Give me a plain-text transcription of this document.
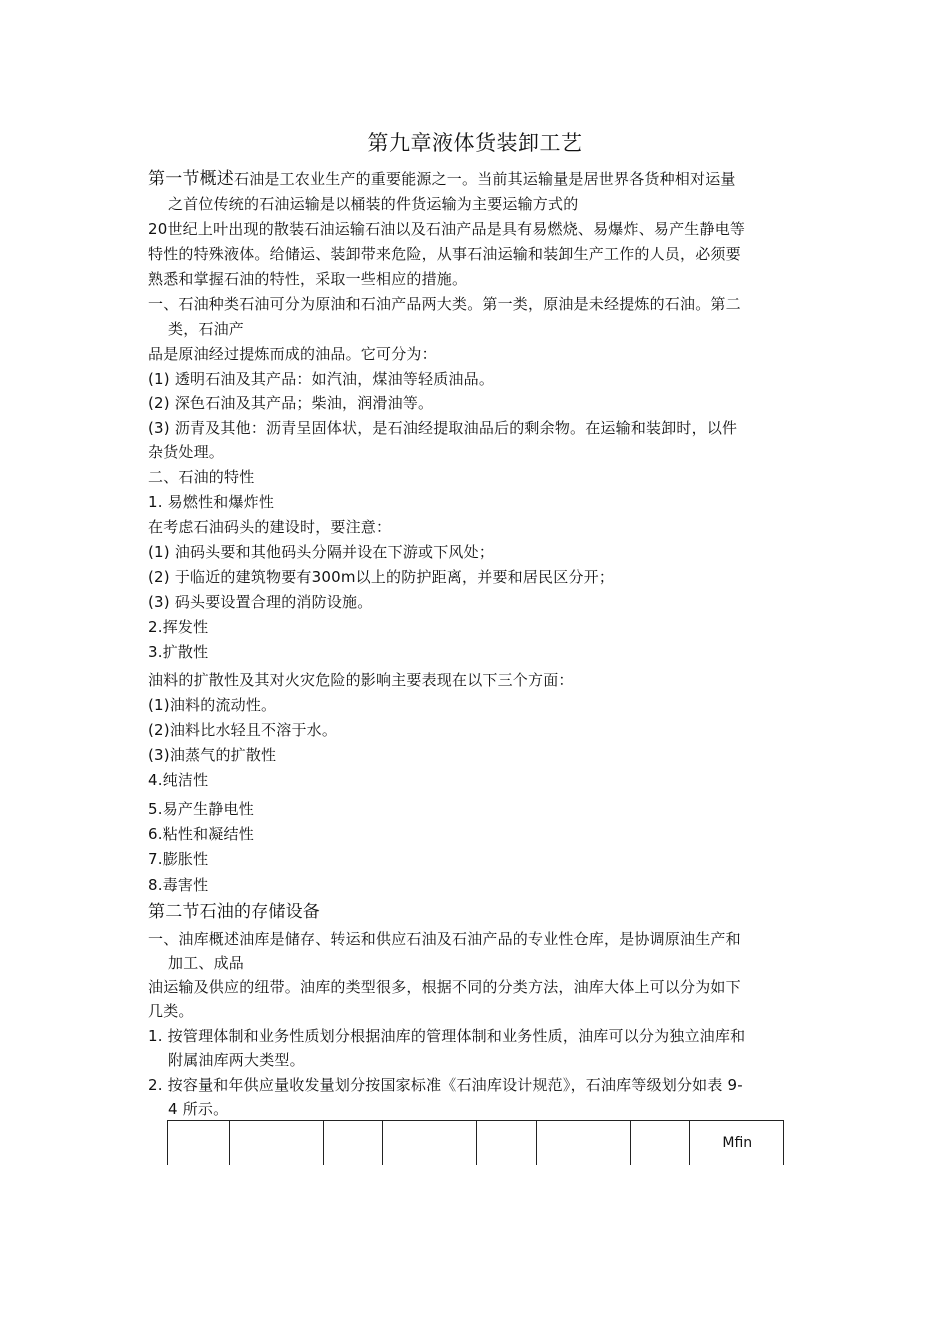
第九章液体货装卸工艺
第一节概述石油是工农业生产的重要能源之一。当前其运输量是居世界各货种相对运量
之首位传统的石油运输是以桶装的件货运输为主要运输方式的
20世纪上叶出现的散装石油运输石油以及石油产品是具有易燃烧、易爆炸、易产生静电等
特性的特殊液体。给储运、装卸带来危险，从事石油运输和装卸生产工作的人员，必须要
熟悉和掌握石油的特性，采取一些相应的措施。
一、石油种类石油可分为原油和石油产品两大类。第一类，原油是未经提炼的石油。第二
类，石油产
品是原油经过提炼而成的油品。它可分为：
(1) 透明石油及其产品：如汽油，煤油等轻质油品。
(2) 深色石油及其产品；柴油，润滑油等。
(3) 沥青及其他：沥青呈固体状，是石油经提取油品后的剩余物。在运输和装卸时，以件
杂货处理。
二、石油的特性
1. 易燃性和爆炸性
在考虑石油码头的建设时，要注意：
(1) 油码头要和其他码头分隔并设在下游或下风处；
(2) 于临近的建筑物要有300m以上的防护距离，并要和居民区分开；
(3) 码头要设置合理的消防设施。
2.挥发性
3.扩散性
油料的扩散性及其对火灾危险的影响主要表现在以下三个方面：
(1)油料的流动性。
(2)油料比水轻且不溶于水。
(3)油蒸气的扩散性
4.纯洁性
5.易产生静电性
6.粘性和凝结性
7.膨胀性
8.毒害性
第二节石油的存储设备
一、油库概述油库是储存、转运和供应石油及石油产品的专业性仓库，是协调原油生产和
加工、成品
油运输及供应的纽带。油库的类型很多，根据不同的分类方法，油库大体上可以分为如下
几类。
1. 按管理体制和业务性质划分根据油库的管理体制和业务性质，油库可以分为独立油库和
附属油库两大类型。
2. 按容量和年供应量收发量划分按国家标准《石油库设计规范》，石油库等级划分如表 9-
4 所示。
							Mfin
